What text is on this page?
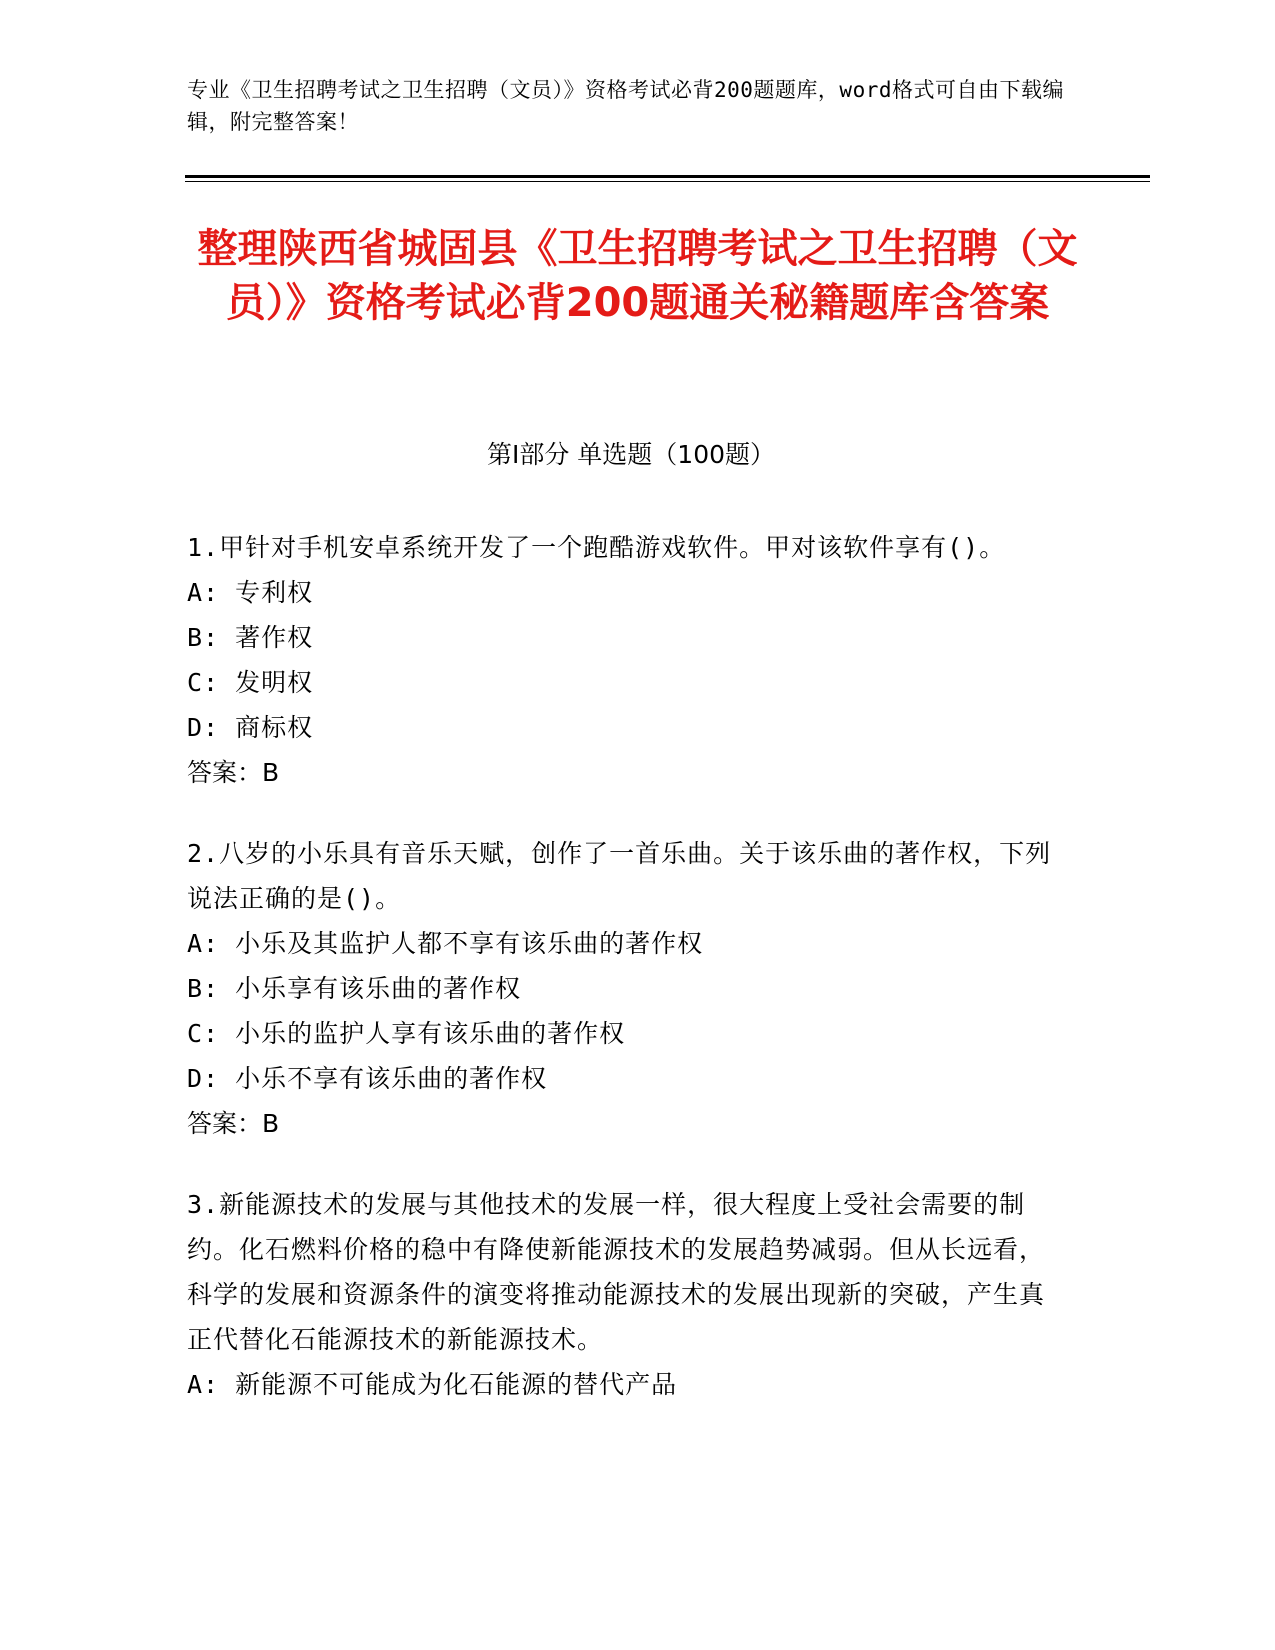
专业《卫生招聘考试之卫生招聘（文员）》资格考试必背200题题库，word格式可自由下载编辑，附完整答案！
整理陕西省城固县《卫生招聘考试之卫生招聘（文员）》资格考试必背200题通关秘籍题库含答案
第Ⅰ部分 单选题（100题）
1.甲针对手机安卓系统开发了一个跑酷游戏软件。甲对该软件享有()。
A: 专利权
B: 著作权
C: 发明权
D: 商标权
答案：B
2.八岁的小乐具有音乐天赋，创作了一首乐曲。关于该乐曲的著作权，下列说法正确的是()。
A: 小乐及其监护人都不享有该乐曲的著作权
B: 小乐享有该乐曲的著作权
C: 小乐的监护人享有该乐曲的著作权
D: 小乐不享有该乐曲的著作权
答案：B
3.新能源技术的发展与其他技术的发展一样，很大程度上受社会需要的制约。化石燃料价格的稳中有降使新能源技术的发展趋势减弱。但从长远看，科学的发展和资源条件的演变将推动能源技术的发展出现新的突破，产生真正代替化石能源技术的新能源技术。
A: 新能源不可能成为化石能源的替代产品
